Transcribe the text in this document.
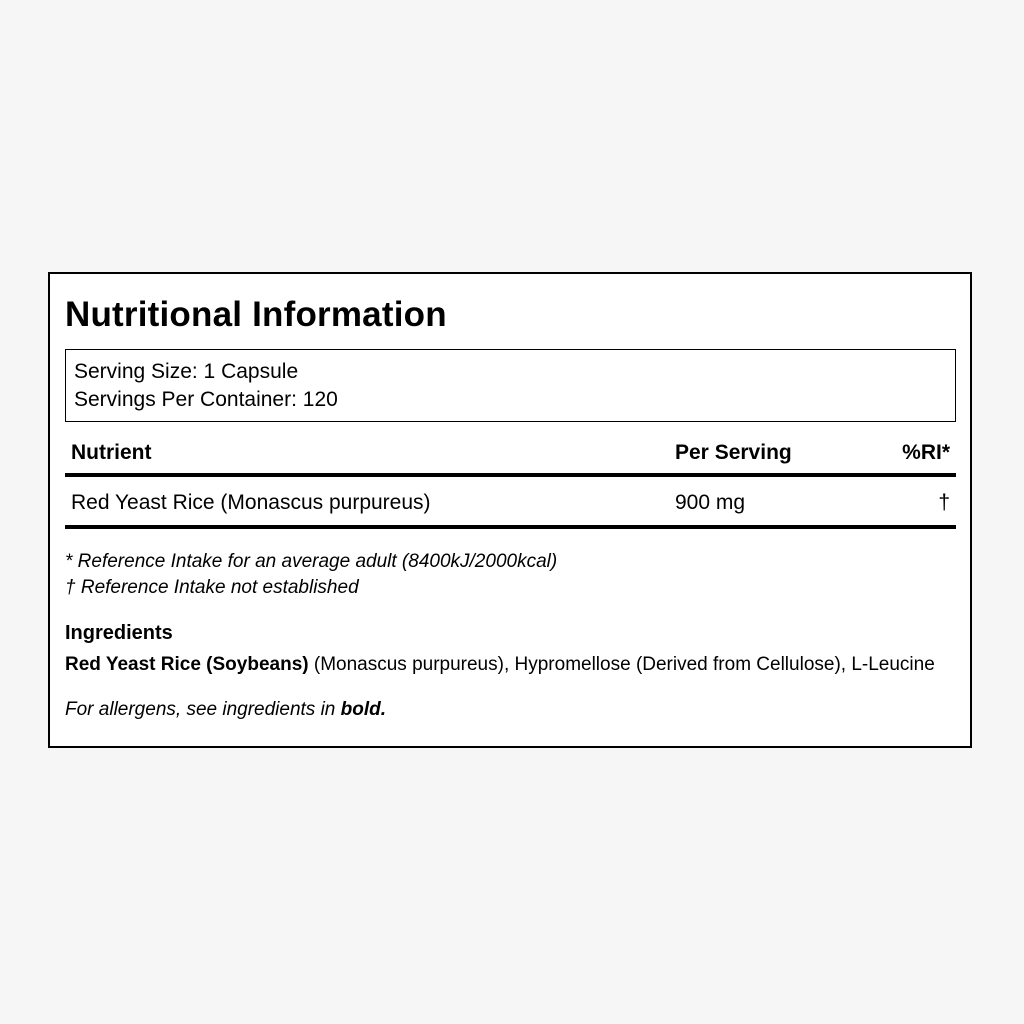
Nutritional Information
Serving Size: 1 Capsule
Servings Per Container: 120
Nutrient	Per Serving	%RI*
Red Yeast Rice (Monascus purpureus)	900 mg	†
* Reference Intake for an average adult (8400kJ/2000kcal)
† Reference Intake not established
Ingredients
Red Yeast Rice (Soybeans) (Monascus purpureus), Hypromellose (Derived from Cellulose), L-Leucine
For allergens, see ingredients in bold.
